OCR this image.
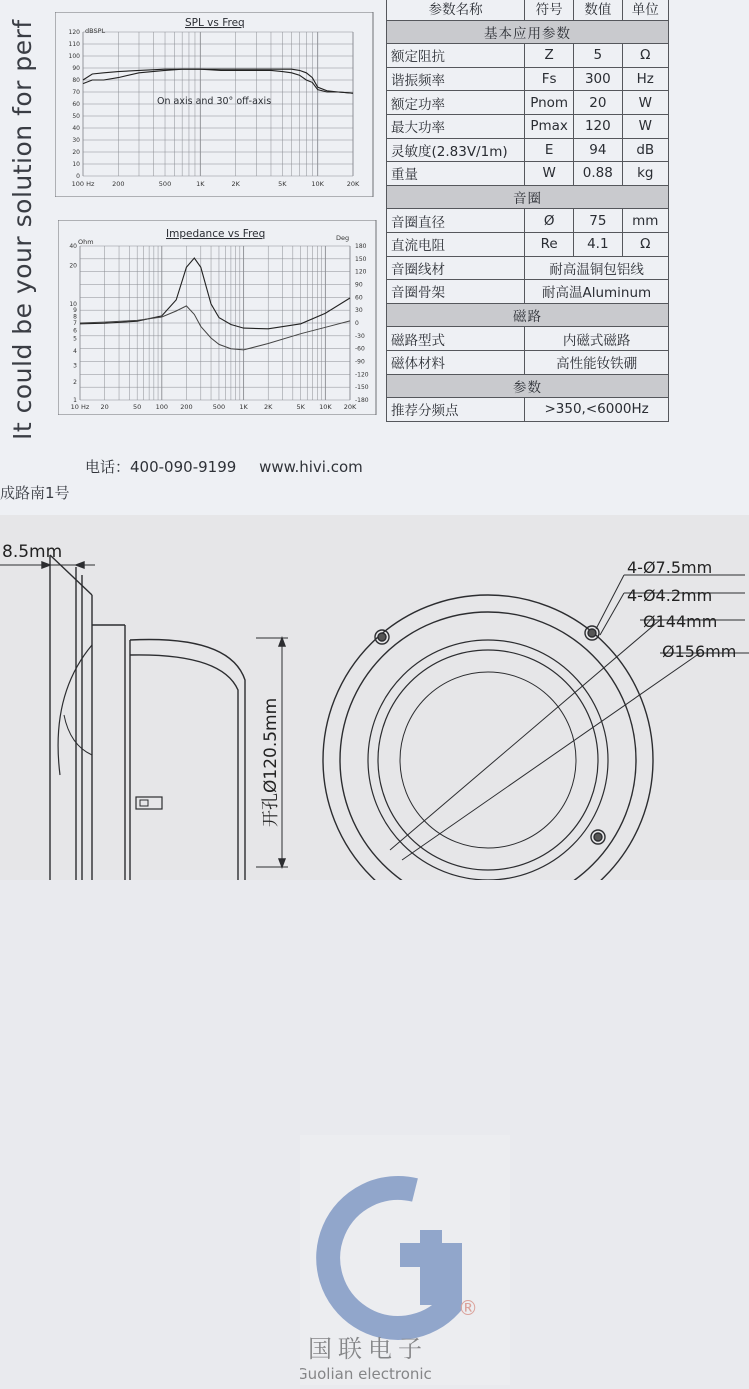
It could be your solution for perf	SPL vs Freq
dBSPL
120
110
100
90
80
70
60
50
40
30
20
10
0
100 Hz	200	500	1K	2K	5K	10K	20K
On axis and 30° off-axis
Impedance vs Freq
Ohm	Deg
40
20
10
9
8
7
6
5
4
3
2
1
180
150
120
90
60
30
0
-30
-60
-90
-120
-150
-180
10 Hz 20	50 100 200	500 1K 2K	5K 10K 20K
参数名称	符号	数值	单位
基本应用参数			
额定阻抗	Z	5	Ω
谐振频率	Fs	300	Hz
额定功率	Pnom	20	W
最大功率	Pmax	120	W
灵敏度(2.83V/1m)	E	94	dB
重量	W	0.88	kg
音圈			
音圈直径	Ø	75	mm
直流电阻	Re	4.1	Ω
音圈线材	耐高温铜包铝线		
音圈骨架	耐高温Aluminum		
磁路			
磁路型式	内磁式磁路		
磁体材料	高性能钕铁硼		
参数			
推荐分频点	>350,<6000Hz		
电话：400-090-9199 www.hivi.com
成路南1号
8.5mm
开孔Ø120.5mm
4-Ø7.5mm
4-Ø4.2mm
Ø144mm
Ø156mm
®
国联电子
Guolian electronic
